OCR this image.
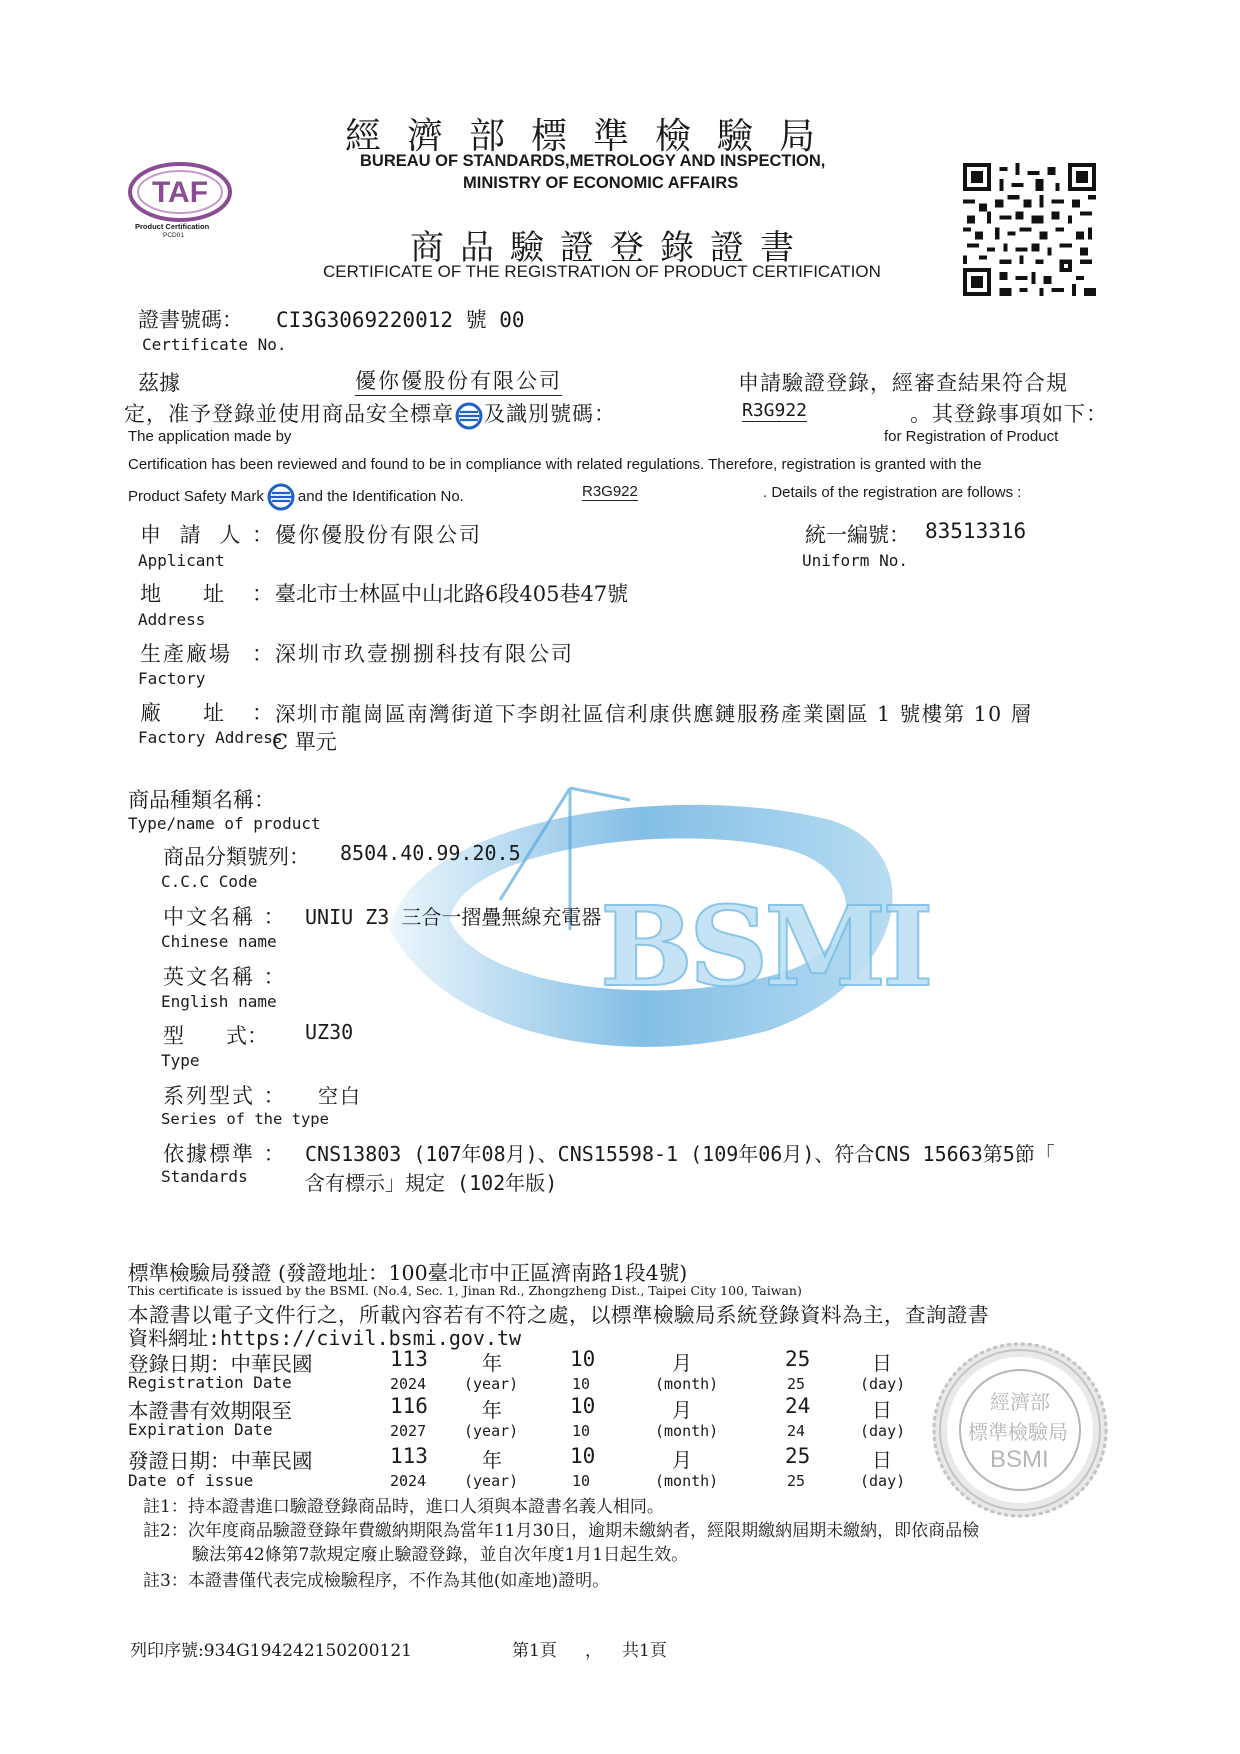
BSMI
經濟部標準檢驗局
BUREAU OF STANDARDS,METROLOGY AND INSPECTION,
MINISTRY OF ECONOMIC AFFAIRS
TAF
Product Certification
PCD01	商品驗證登錄證書
CERTIFICATE OF THE REGISTRATION OF PRODUCT CERTIFICATION
證書號碼： CI3G3069220012 號 00
Certificate No.
茲據	優你優股份有限公司	申請驗證登錄，經審查結果符合規
定，准予登錄並使用商品安全標章 及識別號碼：	R3G922	。其登錄事項如下：
The application made by	for Registration of Product
Certification has been reviewed and found to be in compliance with related regulations. Therefore, registration is granted with the
Product Safety Mark and the Identification No.	R3G922	. Details of the registration are follows :
申 請 人 ： 優你優股份有限公司
Applicant
統一編號： 83513316
Uniform No.
地　　址 ： 臺北市士林區中山北路6段405巷47號
Address
生產廠場 ： 深圳市玖壹捌捌科技有限公司
Factory
廠　　址 ： 深圳市龍崗區南灣街道下李朗社區信利康供應鏈服務產業園區 1 號樓第 10 層
Factory Address
C 單元
商品種類名稱：
Type/name of product
商品分類號列： 8504.40.99.20.5
C.C.C Code
中文名稱 ： UNIU Z3 三合一摺疊無線充電器
Chinese name
英文名稱 ：
English name
型　　式： UZ30
Type
系列型式 ： 空白
Series of the type
依據標準 ： CNS13803 (107年08月)、CNS15598-1 (109年06月)、符合CNS 15663第5節「
Standards	含有標示」規定 (102年版)
標準檢驗局發證 (發證地址：100臺北市中正區濟南路1段4號)
This certificate is issued by the BSMI. (No.4, Sec. 1, Jinan Rd., Zhongzheng Dist., Taipei City 100, Taiwan)
本證書以電子文件行之，所載內容若有不符之處，以標準檢驗局系統登錄資料為主，查詢證書
資料網址:https://civil.bsmi.gov.tw
登錄日期：中華民國
Registration Date
113	年	10	月	25	日
2024	(year)	10	(month)	25	(day)
本證書有效期限至
Expiration Date
116	年	10	月	24	日
2027	(year)	10	(month)	24	(day)
發證日期：中華民國
Date of issue
113	年	10	月	25	日
2024	(year)	10	(month)	25	(day)
經濟部
標準檢驗局
BSMI
註1：持本證書進口驗證登錄商品時，進口人須與本證書名義人相同。
註2：次年度商品驗證登錄年費繳納期限為當年11月30日，逾期未繳納者，經限期繳納屆期未繳納，即依商品檢
驗法第42條第7款規定廢止驗證登錄，並自次年度1月1日起生效。
註3：本證書僅代表完成檢驗程序，不作為其他(如產地)證明。
列印序號:934G194242150200121	第1頁 ， 共1頁
